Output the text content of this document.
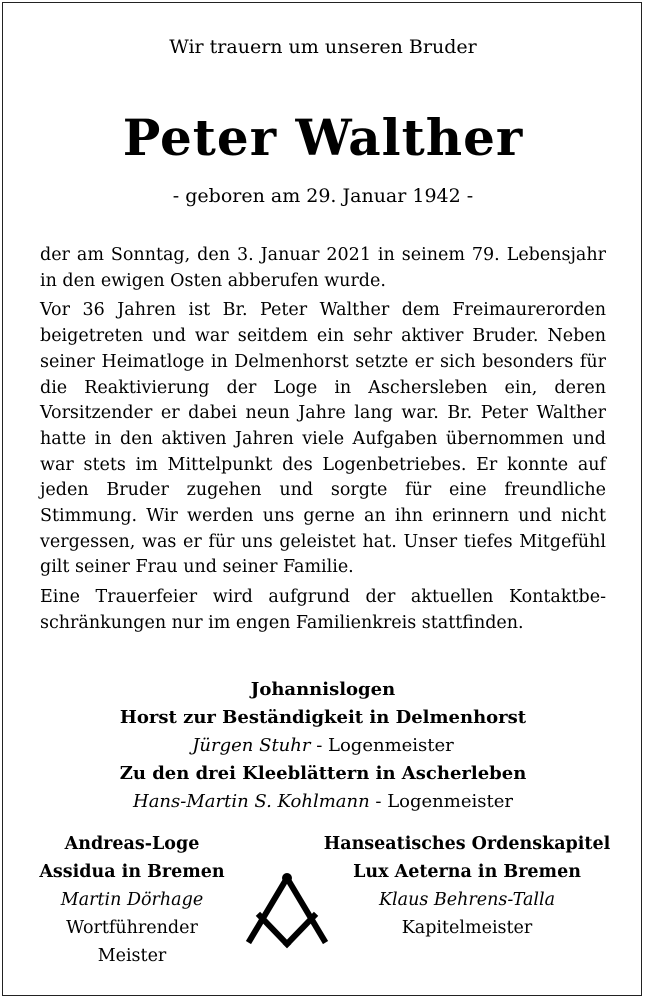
Wir trauern um unseren Bruder
Peter Walther
- geboren am 29. Januar 1942 -

der am Sonntag, den 3. Januar 2021 in seinem 79. Lebensjahr in den ewigen Osten abberufen wurde.

Vor 36 Jahren ist Br. Peter Walther dem Freimaurerorden beigetreten und war seitdem ein sehr aktiver Bruder. Neben seiner Heimatloge in Delmenhorst setzte er sich besonders für die Reaktivierung der Loge in Aschersleben ein, deren Vorsitzender er dabei neun Jahre lang war. Br. Peter Walther hatte in den aktiven Jahren viele Aufgaben übernommen und war stets im Mittelpunkt des Logenbetriebes. Er konnte auf jeden Bruder zugehen und sorgte für eine freundliche Stimmung. Wir werden uns gerne an ihn erinnern und nicht vergessen, was er für uns geleistet hat. Unser tiefes Mitgefühl gilt seiner Frau und seiner Familie.

Eine Trauerfeier wird aufgrund der aktuellen Kontaktbeschränkungen nur im engen Familienkreis stattfinden.

Johannislogen
Horst zur Beständigkeit in Delmenhorst
Jürgen Stuhr - Logenmeister
Zu den drei Kleeblättern in Ascherleben
Hans-Martin S. Kohlmann - Logenmeister
Andreas-Loge
Assidua in Bremen
Martin Dörhage
Wortführender
Meister
Hanseatisches Ordenskapitel
Lux Aeterna in Bremen
Klaus Behrens-Talla
Kapitelmeister
